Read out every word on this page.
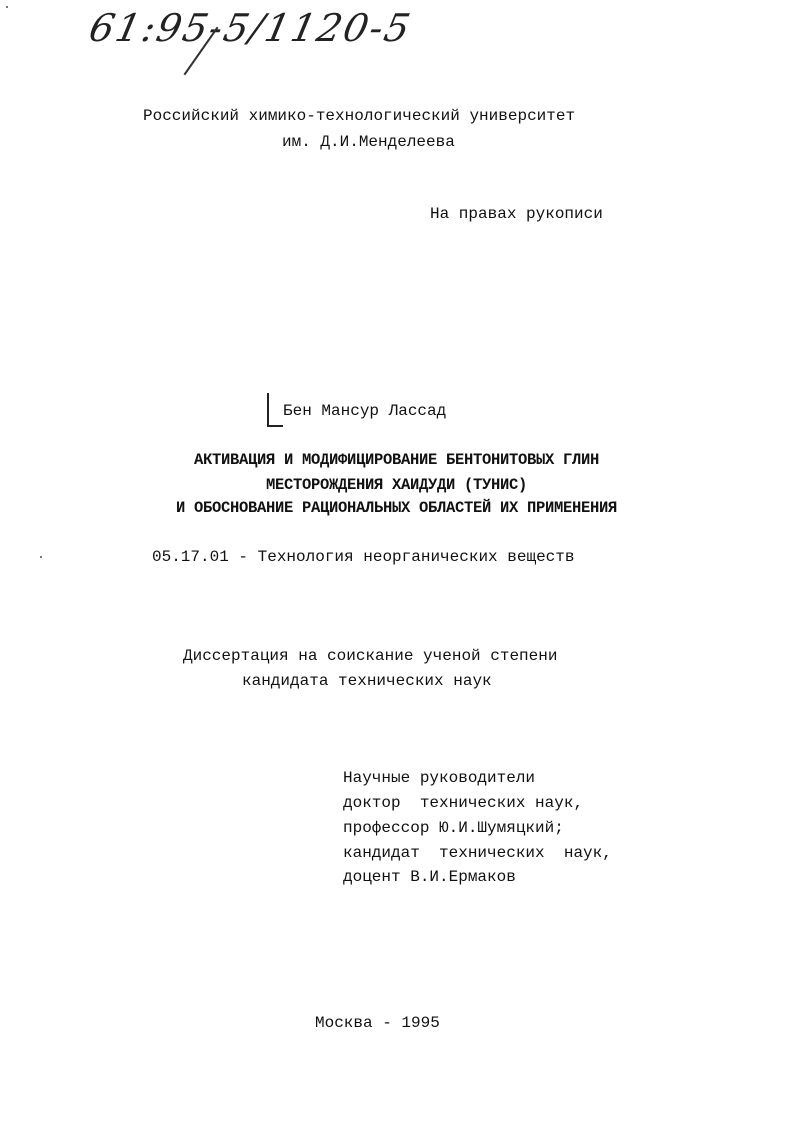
61:95-5/1120-5
Российский химико-технологический университет
им. Д.И.Менделеева
На правах рукописи
Бен Мансур Лассад
АКТИВАЦИЯ И МОДИФИЦИРОВАНИЕ БЕНТОНИТОВЫХ ГЛИН
МЕСТОРОЖДЕНИЯ ХАИДУДИ (ТУНИС)
И ОБОСНОВАНИЕ РАЦИОНАЛЬНЫХ ОБЛАСТЕЙ ИХ ПРИМЕНЕНИЯ
05.17.01 - Технология неорганических веществ
Диссертация на соискание ученой степени
кандидата технических наук
Научные руководители
доктор  технических наук,
профессор Ю.И.Шумяцкий;
кандидат  технических  наук,
доцент В.И.Ермаков
Москва - 1995
